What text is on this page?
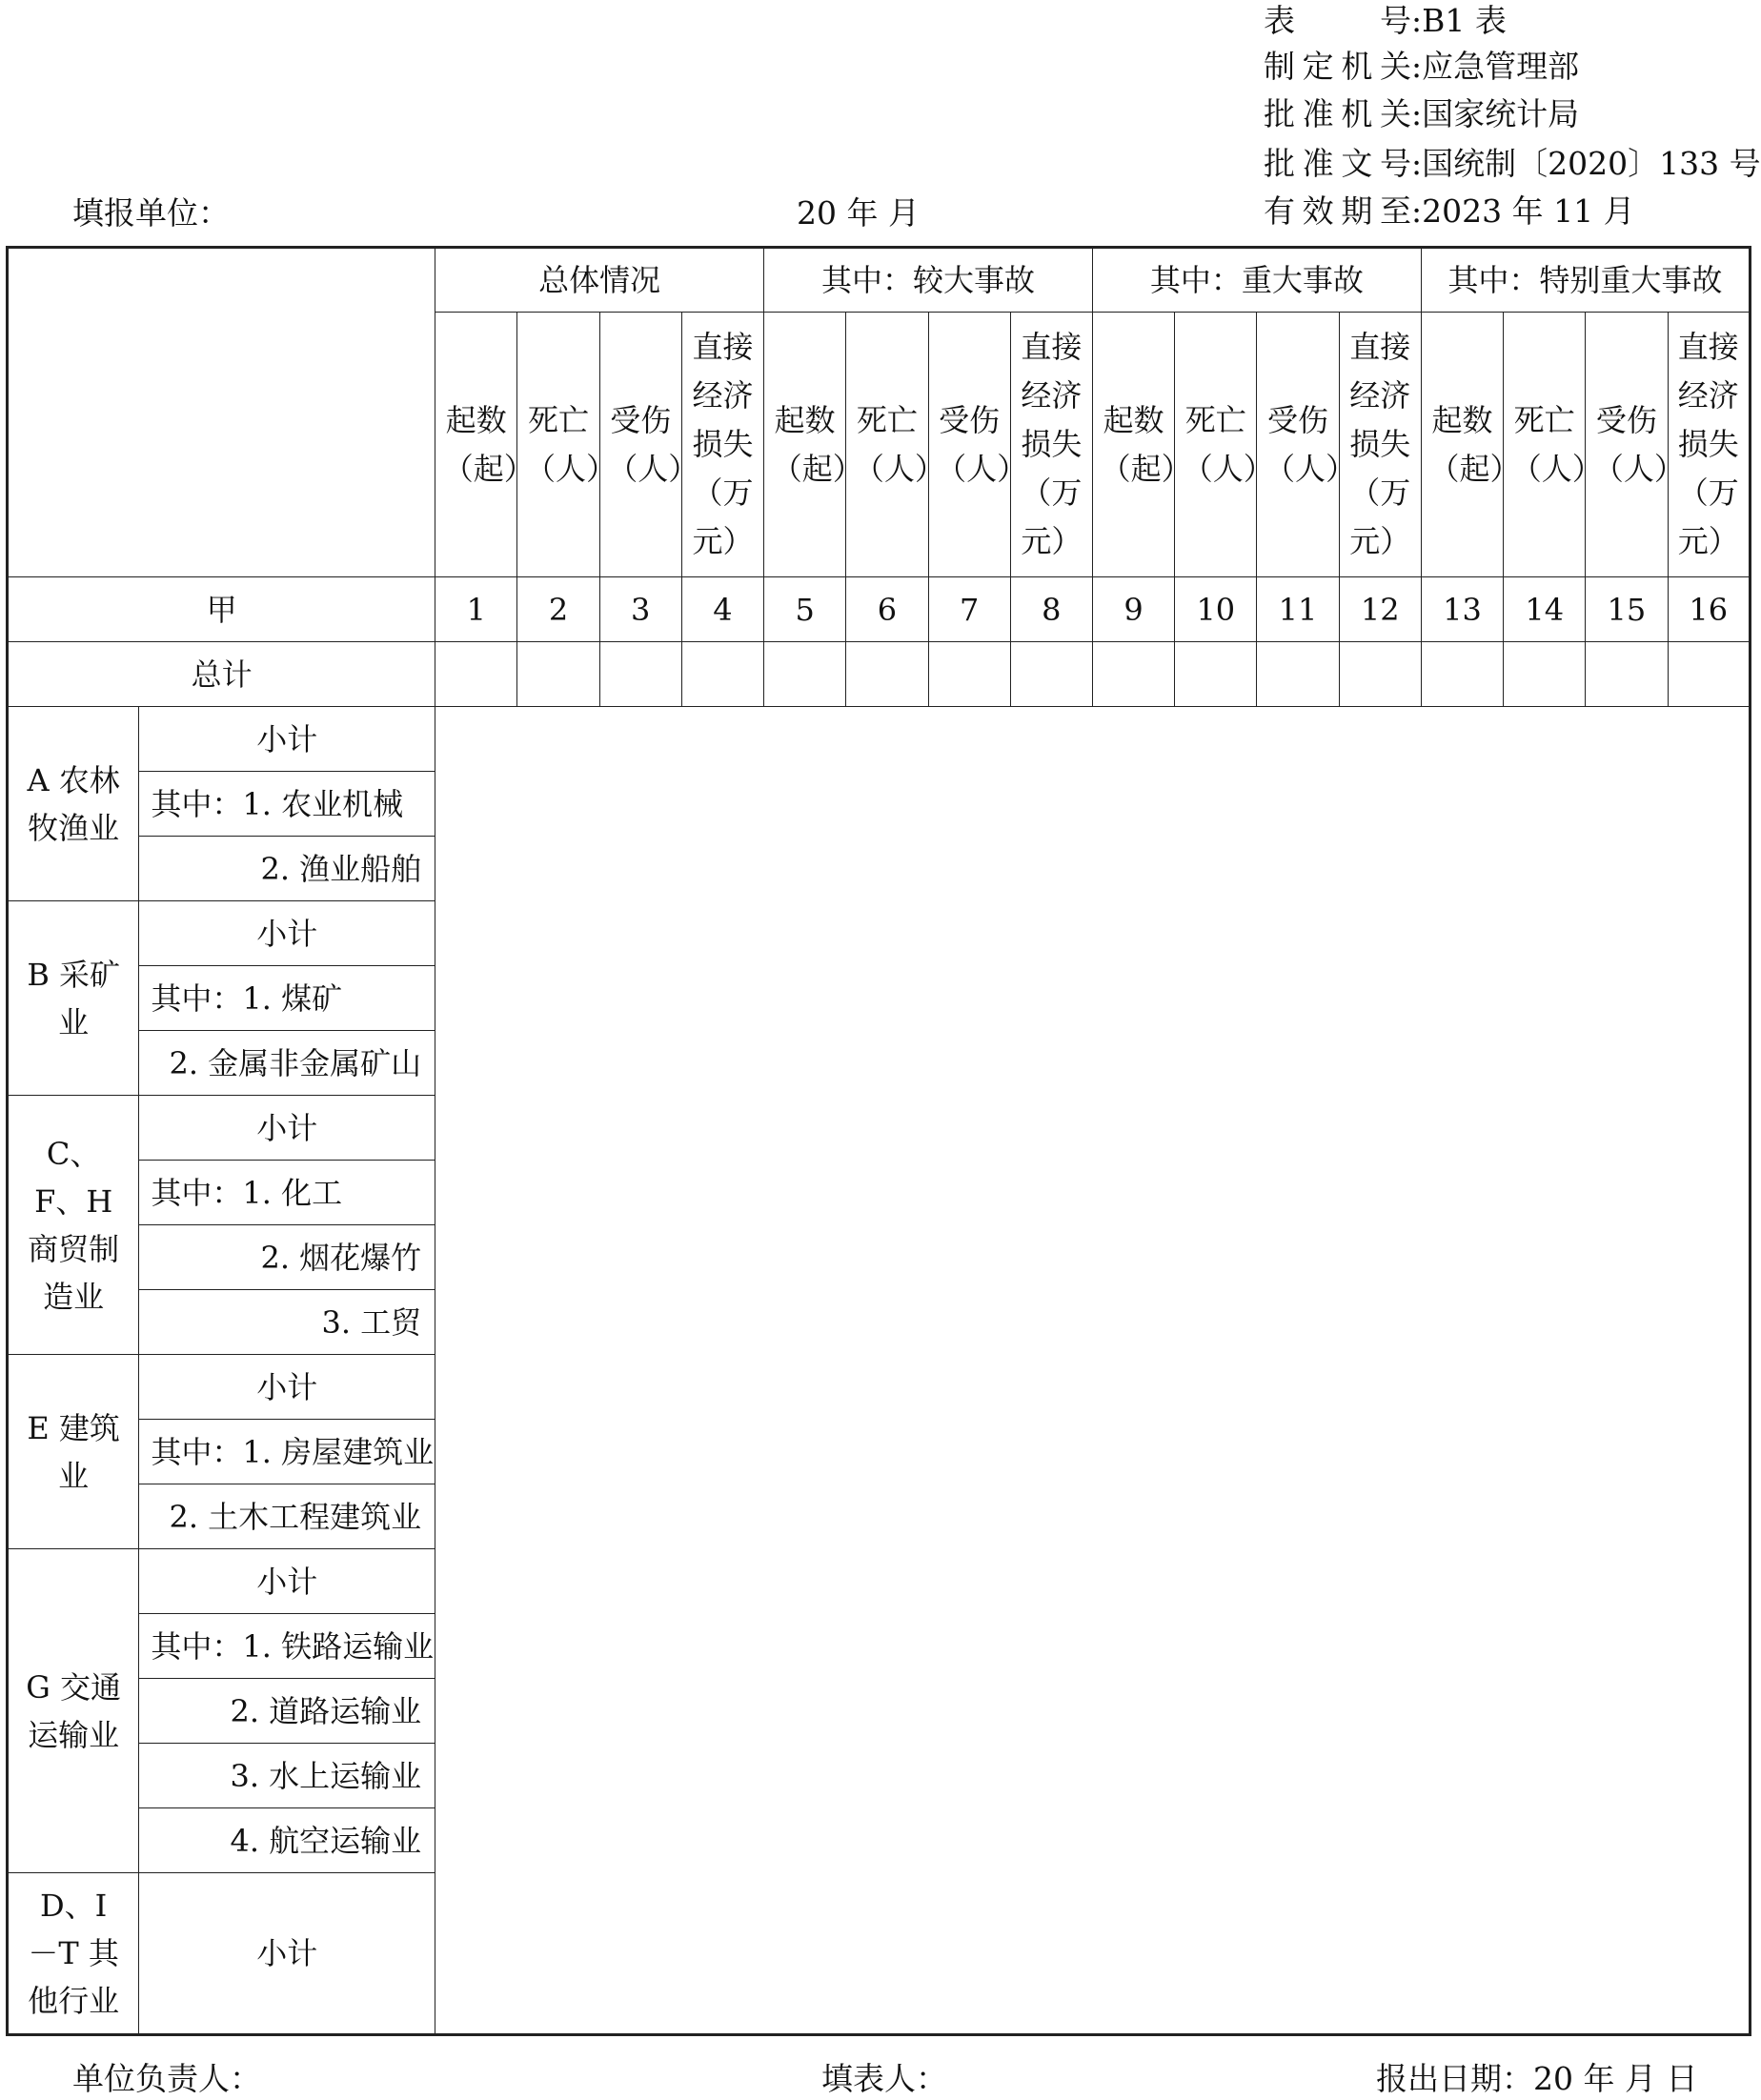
表 号:B1 表
制定机关:应急管理部
批准机关:国家统计局
批准文号:国统制〔2020〕133 号
有效期至:2023 年 11 月
填报单位：	20 年 月
		总体情况				其中：较大事故				其中：重大事故				其中：特别重大事故			

		起数（起）	死亡（人）	受伤（人）	直接经济损失（万元）	起数（起）	死亡（人）	受伤（人）	直接经济损失（万元）	起数（起）	死亡（人）	受伤（人）	直接经济损失（万元）	起数（起）	死亡（人）	受伤（人）	直接经济损失（万元）

甲		1	2	3	4	5	6	7	8	9	10	11	12	13	14	15	16
总计																	

A 农林牧渔业	小计																
	其中：1. 农业机械																
	2. 渔业船舶																

B 采矿业	小计																
	其中：1. 煤矿																
	2. 金属非金属矿山																

C、F、H 商贸制造业	小计																
	其中：1. 化工																
	2. 烟花爆竹																
	3. 工贸																

E 建筑业	小计																
	其中：1. 房屋建筑业																
	2. 土木工程建筑业																

G 交通运输业	小计																
	其中：1. 铁路运输业																
	2. 道路运输业																
	3. 水上运输业																
	4. 航空运输业																

D、I－T 其他行业	小计																
单位负责人：	填表人：	报出日期：20 年 月 日
